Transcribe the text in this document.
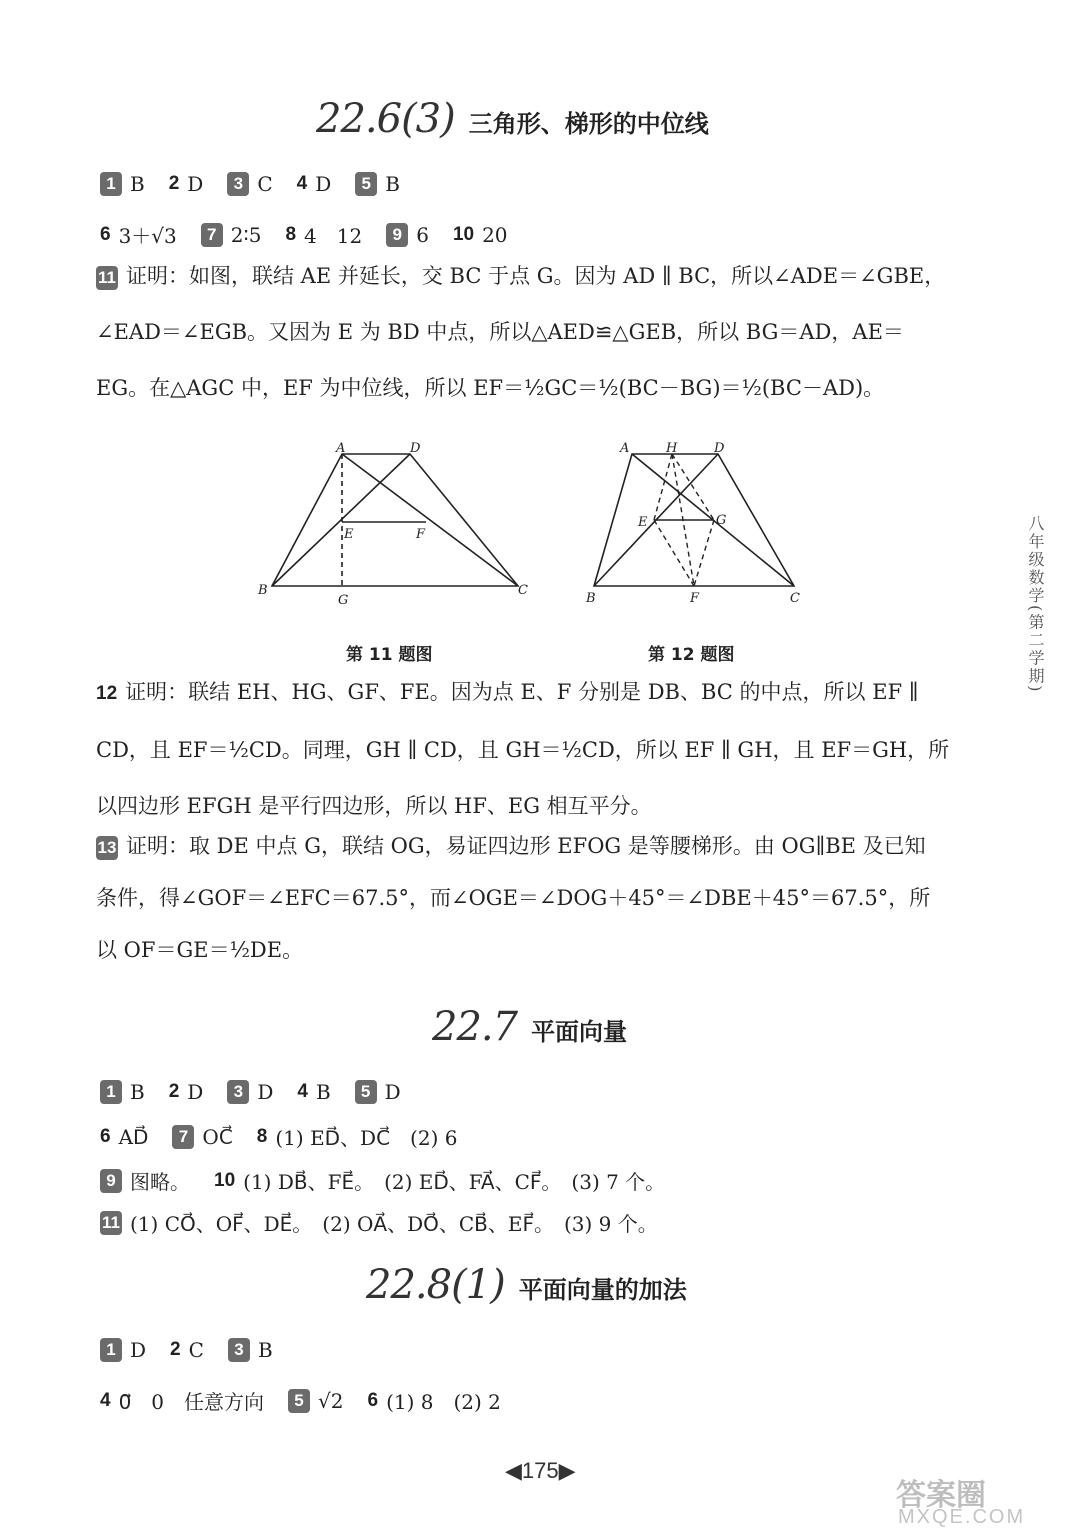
22.6(3) 三角形、梯形的中位线
1 B 2 D	3 C 4 D	5 B
6 3＋√3	7 2∶5 8 4　12	9 6 10 20

11 证明：如图，联结 AE 并延长，交 BC 于点 G。因为 AD ∥ BC，所以∠ADE＝∠GBE，

∠EAD＝∠EGB。又因为 E 为 BD 中点，所以△AED≌△GEB，所以 BG＝AD，AE＝

EG。在△AGC 中，EF 为中位线，所以 EF＝½GC＝½(BC－BG)＝½(BC－AD)。

A	D
E	F
B
G
C
第 11 题图
A	H	D
E	G
B	F	C
第 12 题图

12 证明：联结 EH、HG、GF、FE。因为点 E、F 分别是 DB、BC 的中点，所以 EF ∥

CD，且 EF＝½CD。同理，GH ∥ CD，且 GH＝½CD，所以 EF ∥ GH，且 EF＝GH，所

以四边形 EFGH 是平行四边形，所以 HF、EG 相互平分。

13 证明：取 DE 中点 G，联结 OG，易证四边形 EFOG 是等腰梯形。由 OG∥BE 及已知

条件，得∠GOF＝∠EFC＝67.5°，而∠OGE＝∠DOG＋45°＝∠DBE＋45°＝67.5°，所

以 OF＝GE＝½DE。

22.7 平面向量
1 B 2 D	3 D 4 B	5 D
6 AD⃗	7 OC⃗ 8 (1) ED⃗、DC⃗　(2) 6
9 图略。 10 (1) DB⃗、FE⃗。　(2) ED⃗、FA⃗、CF⃗。　(3) 7 个。
11 (1) CO⃗、OF⃗、DE⃗。　(2) OA⃗、DO⃗、CB⃗、EF⃗。　(3) 9 个。
22.8(1) 平面向量的加法
1 D 2 C	3 B
4 0⃗　0　任意方向	5 √2 6 (1) 8　(2) 2
八年级数学(第二学期)
◀175▶
答案圈
MXQE.COM
